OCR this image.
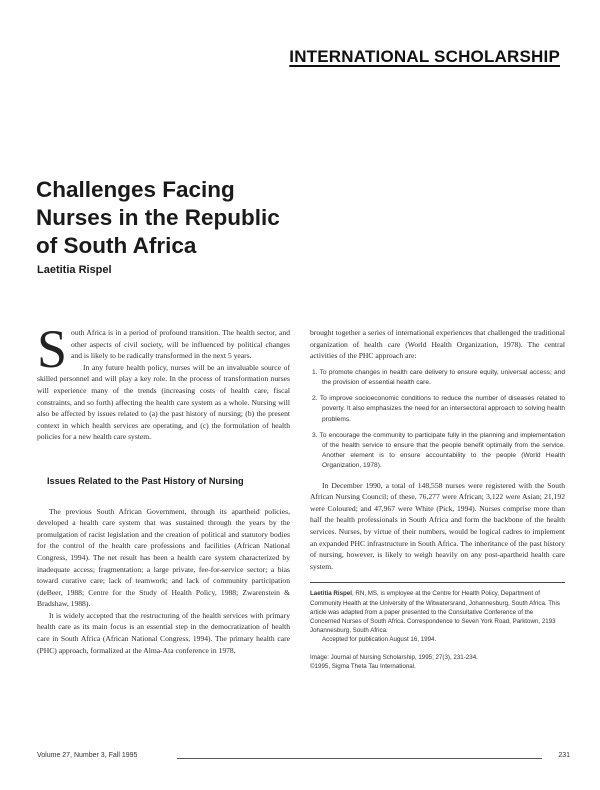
INTERNATIONAL SCHOLARSHIP
Challenges Facing
Nurses in the Republic
of South Africa
Laetitia Rispel

South Africa is in a period of profound transition. The health sector, and other aspects of civil society, will be influenced by political changes and is likely to be radically transformed in the next 5 years.

In any future health policy, nurses will be an invaluable source of skilled personnel and will play a key role. In the process of transformation nurses will experience many of the trends (increasing costs of health care, fiscal constraints, and so forth) affecting the health care system as a whole. Nursing will also be affected by issues related to (a) the past history of nursing; (b) the present context in which health services are operating, and (c) the formulation of health policies for a new health care system.

Issues Related to the Past History of Nursing

The previous South African Government, through its apartheid policies, developed a health care system that was sustained through the years by the promulgation of racist legislation and the creation of political and statutory bodies for the control of the health care professions and facilities (African National Congress, 1994). The net result has been a health care system characterized by inadequate access; fragmentation; a large private, fee-for-service sector; a bias toward curative care; lack of teamwork; and lack of community participation (deBeer, 1988; Centre for the Study of Health Policy, 1988; Zwarenstein & Bradshaw, 1988).

It is widely accepted that the restructuring of the health services with primary health care as its main focus is an essential step in the democratization of health care in South Africa (African National Congress, 1994). The primary health care (PHC) approach, formalized at the Alma-Ata conference in 1978,

brought together a series of international experiences that challenged the traditional organization of health care (World Health Organization, 1978). The central activities of the PHC approach are:

1. To promote changes in health care delivery to ensure equity, universal access, and the provision of essential health care.

2. To improve socioeconomic conditions to reduce the number of diseases related to poverty. It also emphasizes the need for an intersectoral approach to solving health problems.

3. To encourage the community to participate fully in the planning and implementation of the health service to ensure that the people benefit optimally from the service. Another element is to ensure accountability to the people (World Health Organization, 1978).

In December 1990, a total of 148,558 nurses were registered with the South African Nursing Council; of these, 76,277 were African; 3,122 were Asian; 21,192 were Coloured; and 47,967 were White (Pick, 1994). Nurses comprise more than half the health professionals in South Africa and form the backbone of the health services. Nurses, by virtue of their numbers, would be logical cadres to implement an expanded PHC infrastructure in South Africa. The inheritance of the past history of nursing, however, is likely to weigh heavily on any post-apartheid health care system.

Laetitia Rispel, RN, MS, is employee at the Centre for Health Policy, Department of Community Health at the University of the Witwatersrand, Johannesburg, South Africa. This article was adapted from a paper presented to the Consultative Conference of the Concerned Nurses of South Africa. Correspondence to Seven York Road, Parktown, 2193 Johannesburg, South Africa.

Accepted for publication August 16, 1994.

Image: Journal of Nursing Scholarship, 1995; 27(3), 231-234.

©1995, Sigma Theta Tau International.

Volume 27, Number 3, Fall 1995	231
